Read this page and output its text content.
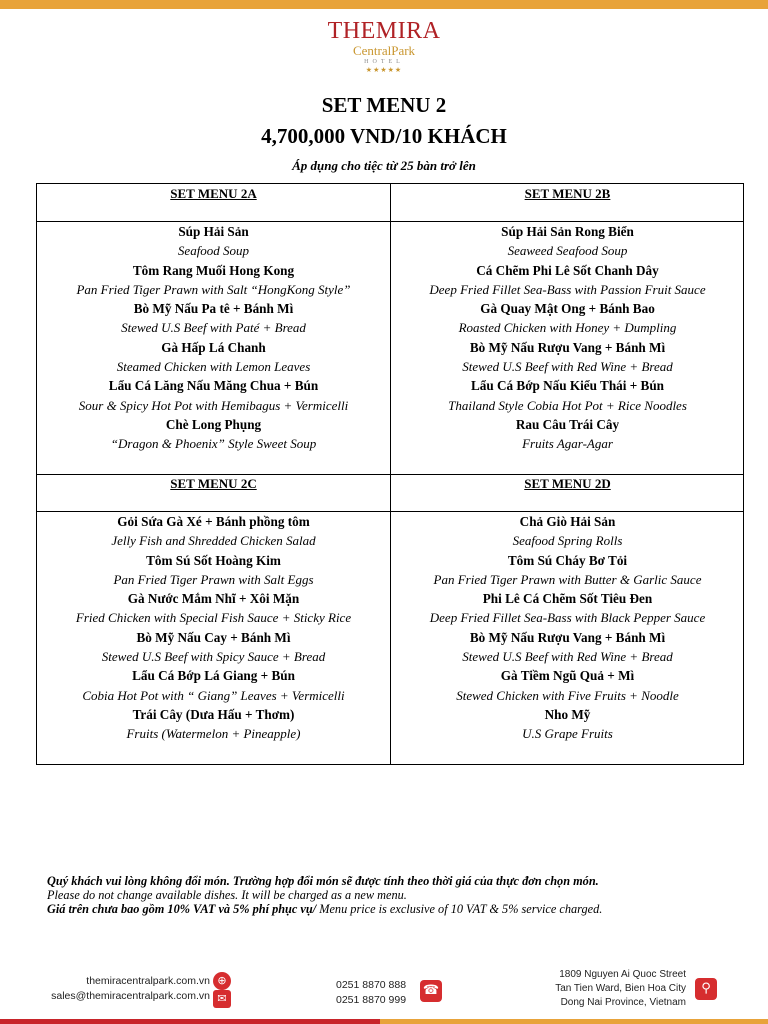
THEMIRA
CentralPark
HOTEL
★★★★★
SET MENU 2
4,700,000 VND/10 KHÁCH
Áp dụng cho tiệc từ 25 bàn trở lên
SET MENU 2A	SET MENU 2B
SET MENU 2C	SET MENU 2D
Súp Hải Sản
Seafood Soup
Tôm Rang Muối Hong Kong
Pan Fried Tiger Prawn with Salt “HongKong Style”
Bò Mỹ Nấu Pa tê + Bánh Mì
Stewed U.S Beef with Paté + Bread
Gà Hấp Lá Chanh
Steamed Chicken with Lemon Leaves
Lẩu Cá Lăng Nấu Măng Chua + Bún
Sour & Spicy Hot Pot with Hemibagus + Vermicelli
Chè Long Phụng
“Dragon & Phoenix” Style Sweet Soup
Súp Hải Sản Rong Biển
Seaweed Seafood Soup
Cá Chẽm Phi Lê Sốt Chanh Dây
Deep Fried Fillet Sea-Bass with Passion Fruit Sauce
Gà Quay Mật Ong + Bánh Bao
Roasted Chicken with Honey + Dumpling
Bò Mỹ Nấu Rượu Vang + Bánh Mì
Stewed U.S Beef with Red Wine + Bread
Lẩu Cá Bớp Nấu Kiểu Thái + Bún
Thailand Style Cobia Hot Pot + Rice Noodles
Rau Câu Trái Cây
Fruits Agar-Agar
Gỏi Sứa Gà Xé + Bánh phồng tôm
Jelly Fish and Shredded Chicken Salad
Tôm Sú Sốt Hoàng Kim
Pan Fried Tiger Prawn with Salt Eggs
Gà Nước Mắm Nhĩ + Xôi Mặn
Fried Chicken with Special Fish Sauce + Sticky Rice
Bò Mỹ Nấu Cay + Bánh Mì
Stewed U.S Beef with Spicy Sauce + Bread
Lẩu Cá Bớp Lá Giang + Bún
Cobia Hot Pot with “ Giang” Leaves + Vermicelli
Trái Cây (Dưa Hấu + Thơm)
Fruits (Watermelon + Pineapple)
Chả Giò Hải Sản
Seafood Spring Rolls
Tôm Sú Cháy Bơ Tỏi
Pan Fried Tiger Prawn with Butter & Garlic Sauce
Phi Lê Cá Chẽm Sốt Tiêu Đen
Deep Fried Fillet Sea-Bass with Black Pepper Sauce
Bò Mỹ Nấu Rượu Vang + Bánh Mì
Stewed U.S Beef with Red Wine + Bread
Gà Tiềm Ngũ Quả + Mì
Stewed Chicken with Five Fruits + Noodle
Nho Mỹ
U.S Grape Fruits
Quý khách vui lòng không đổi món. Trường hợp đổi món sẽ được tính theo thời giá của thực đơn chọn món.
Please do not change available dishes. It will be charged as a new menu.
Giá trên chưa bao gồm 10% VAT và 5% phí phục vụ/ Menu price is exclusive of 10 VAT & 5% service charged.
themiracentralpark.com.vn
sales@themiracentralpark.com.vn
⊕
✉
0251 8870 888
0251 8870 999
☎
1809 Nguyen Ai Quoc Street
Tan Tien Ward, Bien Hoa City
Dong Nai Province, Vietnam
⚲
